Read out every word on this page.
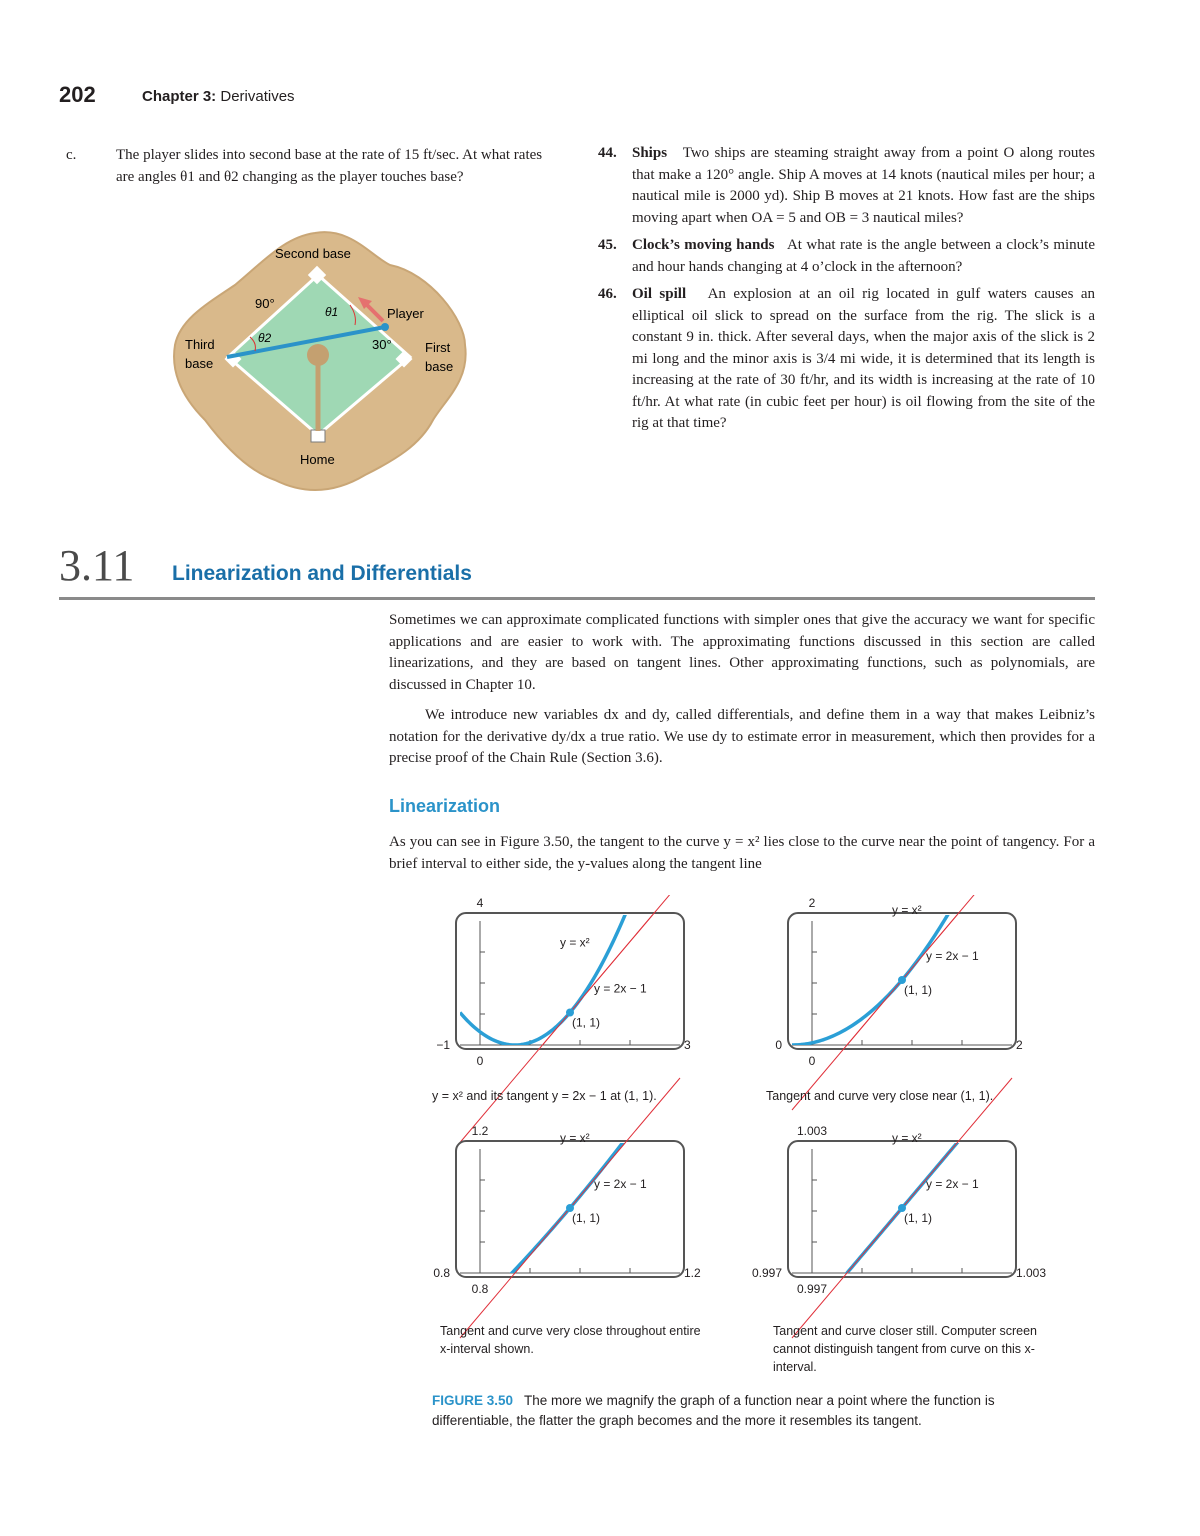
202	Chapter 3: Derivatives
c.	The player slides into second base at the rate of 15 ft/sec. At what rates are angles θ1 and θ2 changing as the player touches base?
Second base
Player
Third
base
First
base
Home
90°
30°
θ1
θ2
44. Ships Two ships are steaming straight away from a point O along routes that make a 120° angle. Ship A moves at 14 knots (nautical miles per hour; a nautical mile is 2000 yd). Ship B moves at 21 knots. How fast are the ships moving apart when OA = 5 and OB = 3 nautical miles?
45. Clock’s moving hands At what rate is the angle between a clock’s minute and hour hands changing at 4 o’clock in the afternoon?
46. Oil spill An explosion at an oil rig located in gulf waters causes an elliptical oil slick to spread on the surface from the rig. The slick is a constant 9 in. thick. After several days, when the major axis of the slick is 2 mi long and the minor axis is 3/4 mi wide, it is determined that its length is increasing at the rate of 30 ft/hr, and its width is increasing at the rate of 10 ft/hr. At what rate (in cubic feet per hour) is oil flowing from the site of the rig at that time?
3.11 Linearization and Differentials
Sometimes we can approximate complicated functions with simpler ones that give the accuracy we want for specific applications and are easier to work with. The approximating functions discussed in this section are called linearizations, and they are based on tangent lines. Other approximating functions, such as polynomials, are discussed in Chapter 10.
We introduce new variables dx and dy, called differentials, and define them in a way that makes Leibniz’s notation for the derivative dy/dx a true ratio. We use dy to estimate error in measurement, which then provides for a precise proof of the Chain Rule (Section 3.6).
Linearization
As you can see in Figure 3.50, the tangent to the curve y = x² lies close to the curve near the point of tangency. For a brief interval to either side, the y-values along the tangent line
(1, 1)
y = x²
y = 2x − 1
−1	3
4
0
(1, 1)
y = x²
y = 2x − 1
0	2
2
0
(1, 1)
y = x²
y = 2x − 1
0.8	1.2
1.2
0.8
(1, 1)
y = x²
y = 2x − 1
0.997	1.003
1.003
0.997
y = x² and its tangent y = 2x − 1 at (1, 1).	Tangent and curve very close near (1, 1).
Tangent and curve very close throughout entire x-interval shown.
Tangent and curve closer still. Computer screen cannot distinguish tangent from curve on this x-interval.
FIGURE 3.50 The more we magnify the graph of a function near a point where the function is differentiable, the flatter the graph becomes and the more it resembles its tangent.
